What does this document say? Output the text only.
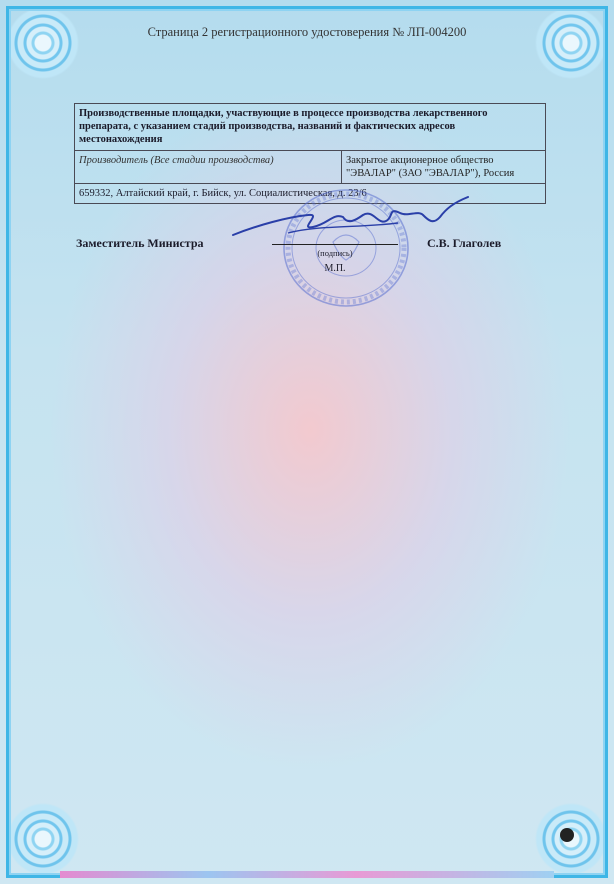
Страница 2 регистрационного удостоверения № ЛП-004200
Производственные площадки, участвующие в процессе производства лекарственного препарата, с указанием стадий производства, названий и фактических адресов местонахождения
Производитель (Все стадии производства)	Закрытое акционерное общество "ЭВАЛАР" (ЗАО "ЭВАЛАР"), Россия
659332, Алтайский край, г. Бийск, ул. Социалистическая, д. 23/6
Заместитель Министра
(подпись)
М.П.
С.В. Глаголев
